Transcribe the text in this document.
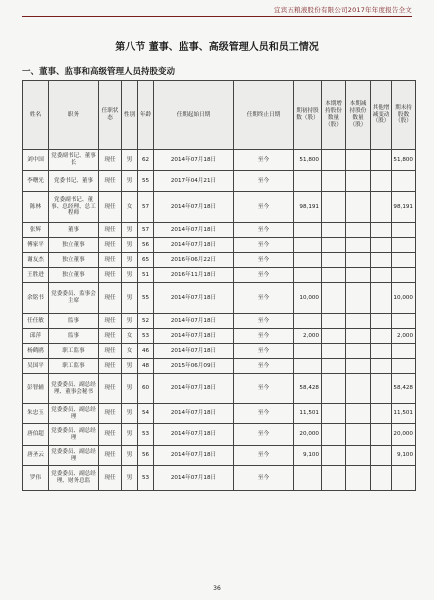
宜宾五粮液股份有限公司2017年年度报告全文
第八节 董事、监事、高级管理人员和员工情况
一、董事、监事和高级管理人员持股变动
姓名	职务	任职状态	性别	年龄	任期起始日期	任期终止日期	期初持股数（股）	本期增持股份数量（股）	本期减持股份数量（股）	其他增减变动（股）	期末持股数（股）
刘中国	党委副书记、董事长	现任	男	62	2014年07月18日	至今	51,800				51,800
李曙光	党委书记、董事	现任	男	55	2017年04月21日	至今					
陈林	党委副书记、董事、总经理、总工程师	现任	女	57	2014年07月18日	至今	98,191				98,191
张辉	董事	现任	男	57	2014年07月18日	至今					
傅家平	独立董事	现任	男	56	2014年07月18日	至今					
谢友杰	独立董事	现任	男	65	2016年06月22日	至今					
王胜进	独立董事	现任	男	51	2016年11月18日	至今					
余铭书	党委委员、监事会主席	现任	男	55	2014年07月18日	至今	10,000				10,000
任任敏	监事	现任	男	52	2014年07月18日	至今					
邱萍	监事	现任	女	53	2014年07月18日	至今	2,000				2,000
杨鹤鸥	职工监事	现任	女	46	2014年07月18日	至今					
吴国平	职工监事	现任	男	48	2015年06月09日	至今					
彭智辅	党委委员、副总经理、董事会秘书	现任	男	60	2014年07月18日	至今	58,428				58,428
朱忠玉	党委委员、副总经理	现任	男	54	2014年07月18日	至今	11,501				11,501
唐伯超	党委委员、副总经理	现任	男	53	2014年07月18日	至今	20,000				20,000
唐圣云	党委委员、副总经理	现任	男	56	2014年07月18日	至今	9,100				9,100
罗伟	党委委员、副总经理、财务总监	现任	男	53	2014年07月18日	至今					
36
